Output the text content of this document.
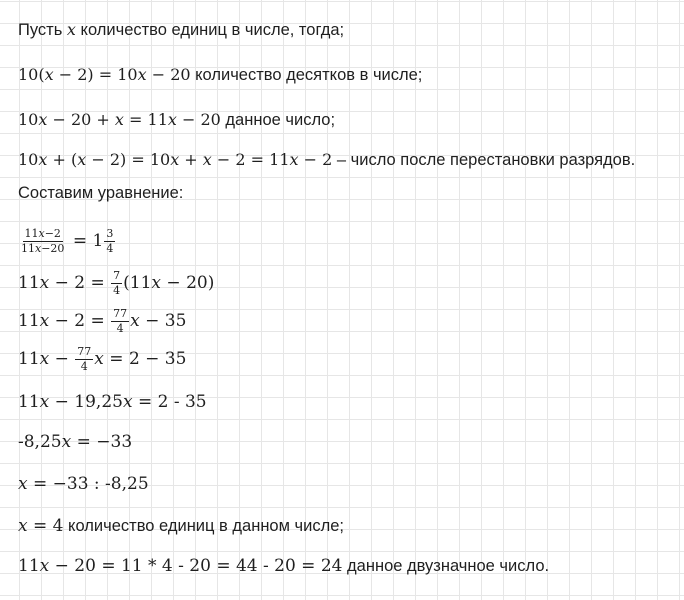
Пусть x количество единиц в числе, тогда;
10(x − 2) = 10x − 20 количество десятков в числе;
10x − 20 + x = 11x − 20 данное число;
10x + (x − 2) = 10x + x − 2 = 11x − 2 – число после перестановки разрядов.
Составим уравнение:
$\frac{11x-2}{11x-20} = 1 \frac{3}{4}$
$11x - 2 = \frac{7}{4} (11x - 20)$
$11x - 2 = \frac{77}{4}$ x − 35
$11x - \frac{77}{4}$ x = 2 − 35
11x − 19,25x = 2 - 35
-8,25x = −33
x = −33 : -8,25
x = 4 количество единиц в данном числе;
11x − 20 = 11 * 4 - 20 = 44 - 20 = 24 данное двузначное число.
